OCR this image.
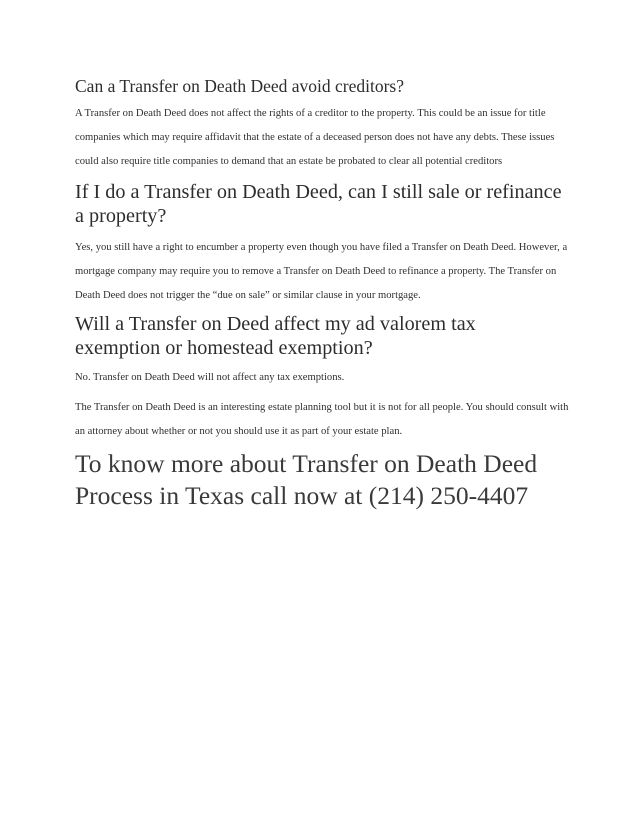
Can a Transfer on Death Deed avoid creditors?

A Transfer on Death Deed does not affect the rights of a creditor to the property. This could be an issue for title companies which may require affidavit that the estate of a deceased person does not have any debts. These issues could also require title companies to demand that an estate be probated to clear all potential creditors

If I do a Transfer on Death Deed, can I still sale or refinance a property?

Yes, you still have a right to encumber a property even though you have filed a Transfer on Death Deed. However, a mortgage company may require you to remove a Transfer on Death Deed to refinance a property. The Transfer on Death Deed does not trigger the “due on sale” or similar clause in your mortgage.

Will a Transfer on Deed affect my ad valorem tax exemption or homestead exemption?

No. Transfer on Death Deed will not affect any tax exemptions.

The Transfer on Death Deed is an interesting estate planning tool but it is not for all people. You should consult with an attorney about whether or not you should use it as part of your estate plan.

To know more about Transfer on Death Deed Process in Texas call now at (214) 250-4407
